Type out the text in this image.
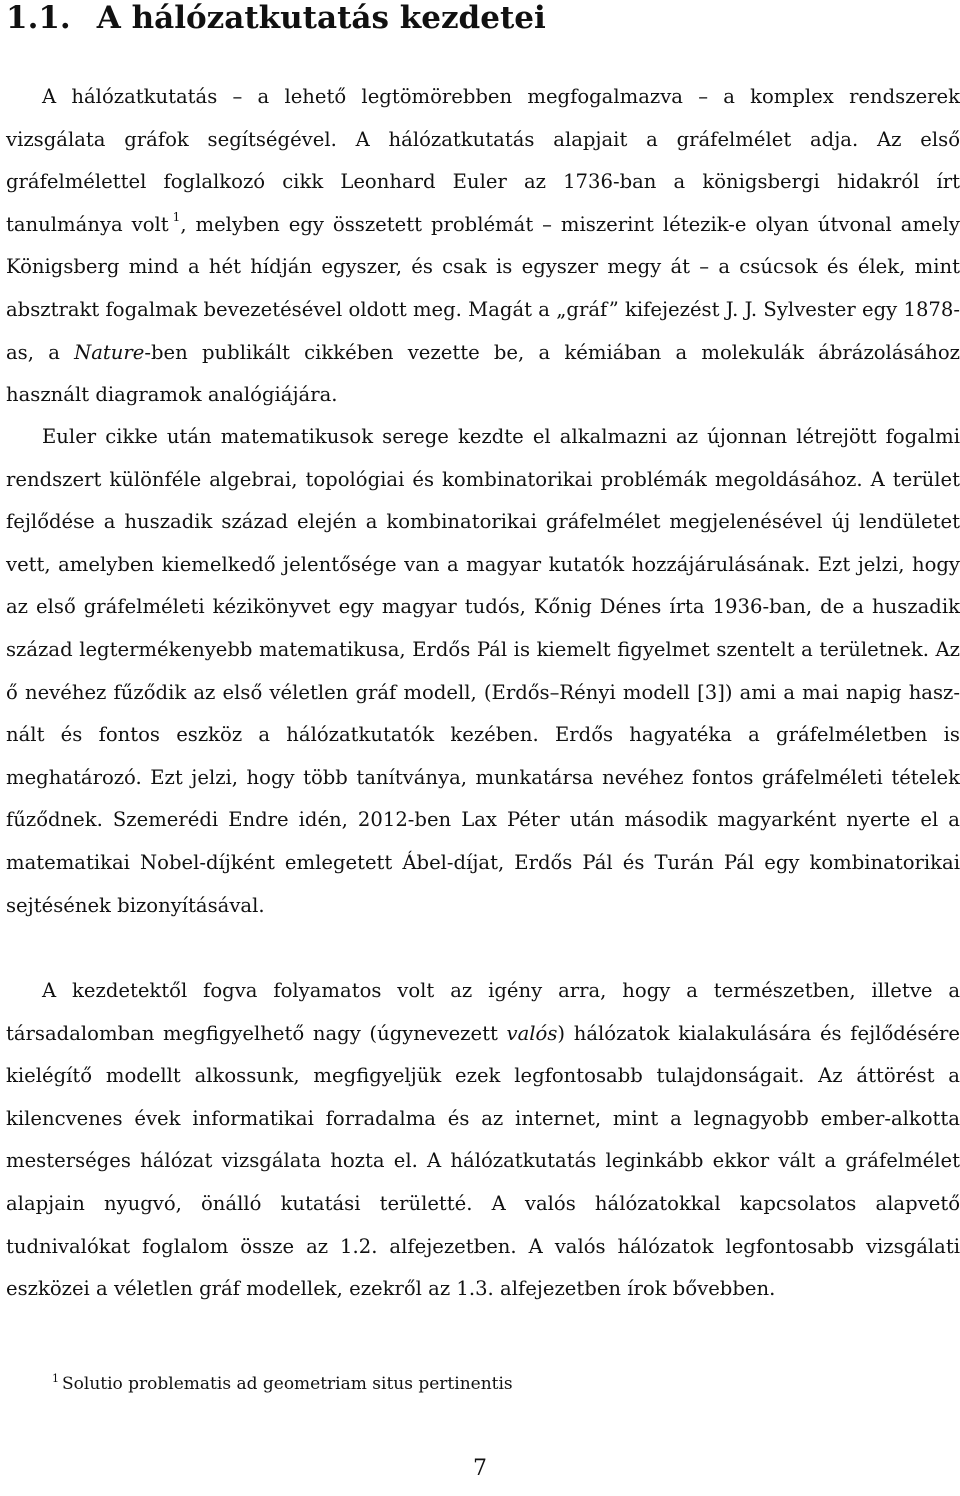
1.1. A hálózatkutatás kezdetei

A hálózatkutatás – a lehető legtömörebben megfogalmazva – a komplex rendszerek vizsgálata gráfok segítségével. A hálózatkutatás alapjait a gráfelmélet adja. Az első gráfelmélettel foglalkozó cikk Leonhard Euler az 1736-ban a königsbergi hidakról írt tanulmánya volt $^1$, melyben egy összetett problémát – miszerint létezik-e olyan útvonal amely Königsberg mind a hét hídján egyszer, és csak is egyszer megy át – a csúcsok és élek, mint absztrakt fogalmak bevezetésével oldott meg. Magát a „gráf” kifejezést J. J. Sylvester egy 1878-as, a Nature-ben publikált cikkében vezette be, a kémiában a molekulák ábrázolásához használt diagramok analógiájára.

Euler cikke után matematikusok serege kezdte el alkalmazni az újonnan létrejött fogalmi rendszert különféle algebrai, topológiai és kombinatorikai problémák megoldásához. A terület fejlődése a huszadik század elején a kombinatorikai gráfelmélet megjelenésével új lendületet vett, amelyben kiemelkedő jelentősége van a magyar kutatók hozzájárulásának. Ezt jelzi, hogy az első gráfelméleti kézikönyvet egy magyar tudós, Kőnig Dénes írta 1936-ban, de a huszadik század legtermékenyebb matematikusa, Erdős Pál is kiemelt figyelmet szentelt a területnek. Az ő nevéhez fűződik az első véletlen gráf modell, (Erdős–Rényi modell [3]) ami a mai napig használt és fontos eszköz a hálózatkutatók kezében. Erdős hagyatéka a gráfelméletben is meghatározó. Ezt jelzi, hogy több tanítványa, munkatársa nevéhez fontos gráfelméleti tételek fűződnek. Szemerédi Endre idén, 2012-ben Lax Péter után második magyarként nyerte el a matematikai Nobel-díjként emlegetett Ábel-díjat, Erdős Pál és Turán Pál egy kombinatorikai sejtésének bizonyításával.

A kezdetektől fogva folyamatos volt az igény arra, hogy a természetben, illetve a társadalomban megfigyelhető nagy (úgynevezett valós) hálózatok kialakulására és fejlődésére kielégítő modellt alkossunk, megfigyeljük ezek legfontosabb tulajdonságait. Az áttörést a kilencvenes évek informatikai forradalma és az internet, mint a legnagyobb ember-alkotta mesterséges hálózat vizsgálata hozta el. A hálózatkutatás leginkább ekkor vált a gráfelmélet alapjain nyugvó, önálló kutatási területté. A valós hálózatokkal kapcsolatos alapvető tudnivalókat foglalom össze az 1.2. alfejezetben. A valós hálózatok legfontosabb vizsgálati eszközei a véletlen gráf modellek, ezekről az 1.3. alfejezetben írok bővebben.

$^1$ Solutio problematis ad geometriam situs pertinentis
7
